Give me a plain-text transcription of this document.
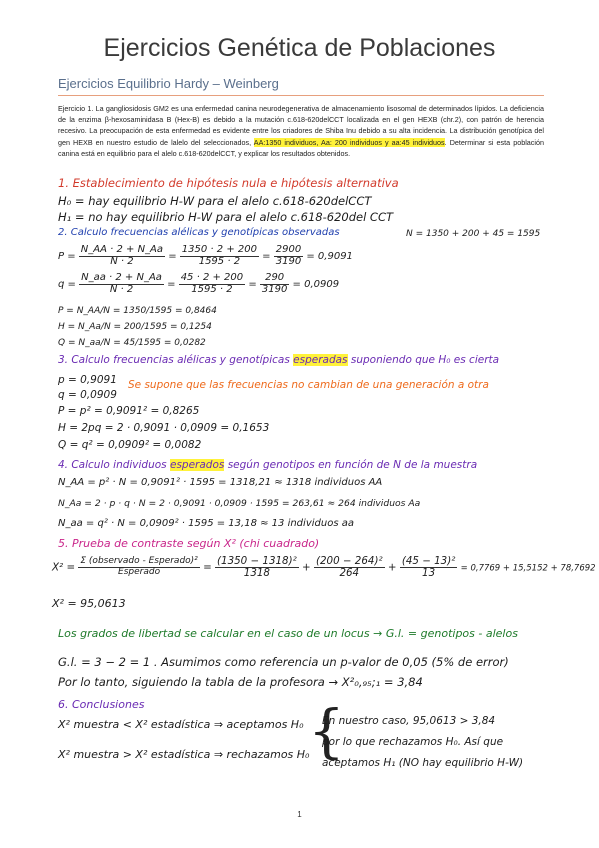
Ejercicios Genética de Poblaciones
Ejercicios Equilibrio Hardy – Weinberg
Ejercicio 1. La gangliosidosis GM2 es una enfermedad canina neurodegenerativa de almacenamiento lisosomal de determinados lípidos. La deficiencia de la enzima β-hexosaminidasa B (Hex-B) es debido a la mutación c.618-620delCCT localizada en el gen HEXB (chr.2), con patrón de herencia recesivo. La preocupación de esta enfermedad es evidente entre los criadores de Shiba Inu debido a su alta incidencia. La distribución genotípica del gen HEXB en nuestro estudio de lalelo del seleccionados, AA:1350 individuos, Aa: 200 individuos y aa:45 individuos. Determinar si esta población canina está en equilibrio para el alelo c.618-620delCCT, y explicar los resultados obtenidos.
1. Establecimiento de hipótesis nula e hipótesis alternativa
H₀ = hay equilibrio H-W para el alelo c.618-620delCCT
H₁ = no hay equilibrio H-W para el alelo c.618-620del CCT
2. Calculo frecuencias alélicas y genotípicas observadas	N = 1350 + 200 + 45 = 1595
$P = \frac{N\_AA \cdot 2 + N\_Aa}{N \cdot 2} = \frac{1350 \cdot 2 + 200}{1595 \cdot 2} = \frac{2900}{3190} = 0,9091$
$q = \frac{N\_aa \cdot 2 + N\_Aa}{N \cdot 2} = \frac{45 \cdot 2 + 200}{1595 \cdot 2} = \frac{290}{3190} = 0,0909$
P = N_AA/N = 1350/1595 = 0,8464
H = N_Aa/N = 200/1595 = 0,1254
Q = N_aa/N = 45/1595 = 0,0282
3. Calculo frecuencias alélicas y genotípicas esperadas suponiendo que H₀ es cierta
p = 0,9091 Se supone que las frecuencias no cambian de una generación a otra
q = 0,0909
P = p² = 0,9091² = 0,8265
H = 2pq = 2 · 0,9091 · 0,0909 = 0,1653
Q = q² = 0,0909² = 0,0082
4. Calculo individuos esperados según genotipos en función de N de la muestra
N_AA = p² · N = 0,9091² · 1595 = 1318,21 ≈ 1318 individuos AA
N_Aa = 2 · p · q · N = 2 · 0,9091 · 0,0909 · 1595 = 263,61 ≈ 264 individuos Aa
N_aa = q² · N = 0,0909² · 1595 = 13,18 ≈ 13 individuos aa
5. Prueba de contraste según X² (chi cuadrado)
$X^2 = \frac{\text{Σ (observado - Esperado)²}}{\text{Esperado}} = \frac{\text{(1350 − 1318)²}}{1318} + \frac{\text{(200 − 264)²}}{264} + \frac{\text{(45 − 13)²}}{13} = 0,7769 + 15,5152 + 78,7692$
X² = 95,0613
Los grados de libertad se calcular en el caso de un locus → G.l. = genotipos - alelos
G.l. = 3 − 2 = 1 . Asumimos como referencia un p-valor de 0,05 (5% de error)
Por lo tanto, siguiendo la tabla de la profesora → X²₀,₉₅;₁ = 3,84
6. Conclusiones
X² muestra < X² estadística ⇒ aceptamos H₀
X² muestra > X² estadística ⇒ rechazamos H₀
{
En nuestro caso, 95,0613 > 3,84
por lo que rechazamos H₀. Así que
aceptamos H₁ (NO hay equilibrio H-W)
1
